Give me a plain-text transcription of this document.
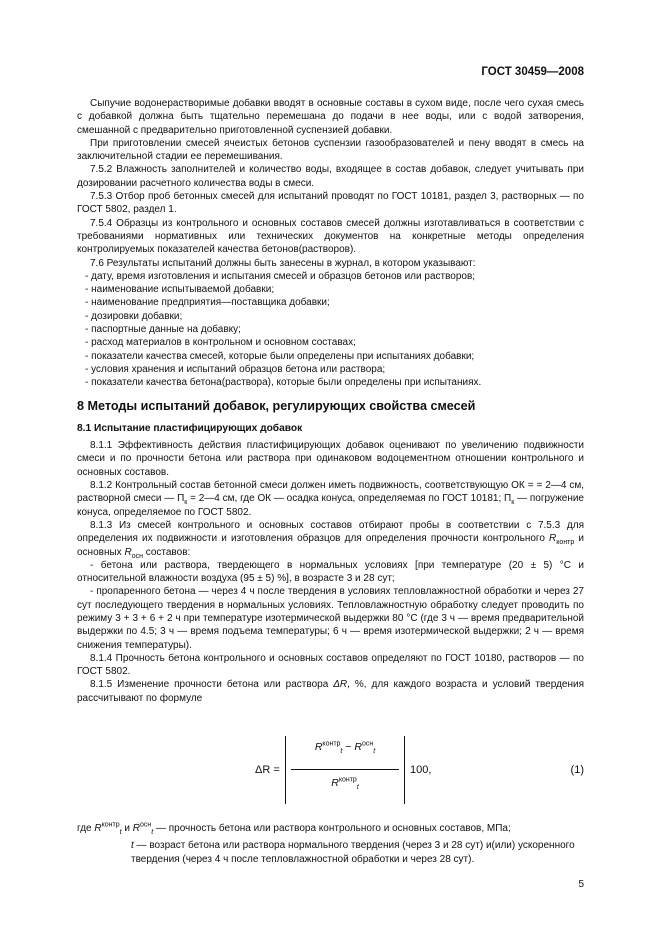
ГОСТ 30459—2008

Сыпучие водонерастворимые добавки вводят в основные составы в сухом виде, после чего сухая смесь с добавкой должна быть тщательно перемешана до подачи в нее воды, или с водой затворения, смешанной с предварительно приготовленной суспензией добавки.

При приготовлении смесей ячеистых бетонов суспензии газообразователей и пену вводят в смесь на заключительной стадии ее перемешивания.

7.5.2 Влажность заполнителей и количество воды, входящее в состав добавок, следует учитывать при дозировании расчетного количества воды в смеси.

7.5.3 Отбор проб бетонных смесей для испытаний проводят по ГОСТ 10181, раздел 3, растворных — по ГОСТ 5802, раздел 1.

7.5.4 Образцы из контрольного и основных составов смесей должны изготавливаться в соответствии с требованиями нормативных или технических документов на конкретные методы определения контролируемых показателей качества бетонов(растворов).

7.6 Результаты испытаний должны быть занесены в журнал, в котором указывают:

- дату, время изготовления и испытания смесей и образцов бетонов или растворов;

- наименование испытываемой добавки;

- наименование предприятия—поставщика добавки;

- дозировки добавки;

- паспортные данные на добавку;

- расход материалов в контрольном и основном составах;

- показатели качества смесей, которые были определены при испытаниях добавки;

- условия хранения и испытаний образцов бетона или раствора;

- показатели качества бетона(раствора), которые были определены при испытаниях.

8 Методы испытаний добавок, регулирующих свойства смесей
8.1 Испытание пластифицирующих добавок

8.1.1 Эффективность действия пластифицирующих добавок оценивают по увеличению подвижности смеси и по прочности бетона или раствора при одинаковом водоцементном отношении контрольного и основных составов.

8.1.2 Контрольный состав бетонной смеси должен иметь подвижность, соответствующую ОК = = 2—4 см, растворной смеси — $П_к$ = 2—4 см, где ОК — осадка конуса, определяемая по ГОСТ 10181; $П_к$ — погружение конуса, определяемое по ГОСТ 5802.

8.1.3 Из смесей контрольного и основных составов отбирают пробы в соответствии с 7.5.3 для определения их подвижности и изготовления образцов для определения прочности контрольного $R_{контр}$ и основных $R_{осн}$ составов:

- бетона или раствора, твердеющего в нормальных условиях [при температуре (20 ± 5) °С и относительной влажности воздуха (95 ± 5) %], в возрасте 3 и 28 сут;

- пропаренного бетона — через 4 ч после твердения в условиях тепловлажностной обработки и через 27 сут последующего твердения в нормальных условиях. Тепловлажностную обработку следует проводить по режиму 3 + 3 + 6 + 2 ч при температуре изотермической выдержки 80 °С (где 3 ч — время предварительной выдержки по 4.5; 3 ч — время подъема температуры; 6 ч — время изотермической выдержки; 2 ч — время снижения температуры).

8.1.4 Прочность бетона контрольного и основных составов определяют по ГОСТ 10180, растворов — по ГОСТ 5802.

8.1.5 Изменение прочности бетона или раствора ΔR, %, для каждого возраста и условий твердения рассчитывают по формуле

ΔR =
$R^{контр}_t - R^{осн}_t$
$R^{контр}_t$
100,	(1)

где $R^{контр}_t$ и $R^{осн}_t$ — прочность бетона или раствора контрольного и основных составов, МПа;

t — возраст бетона или раствора нормального твердения (через 3 и 28 сут) и(или) ускоренного твердения (через 4 ч после тепловлажностной обработки и через 28 сут).

5
